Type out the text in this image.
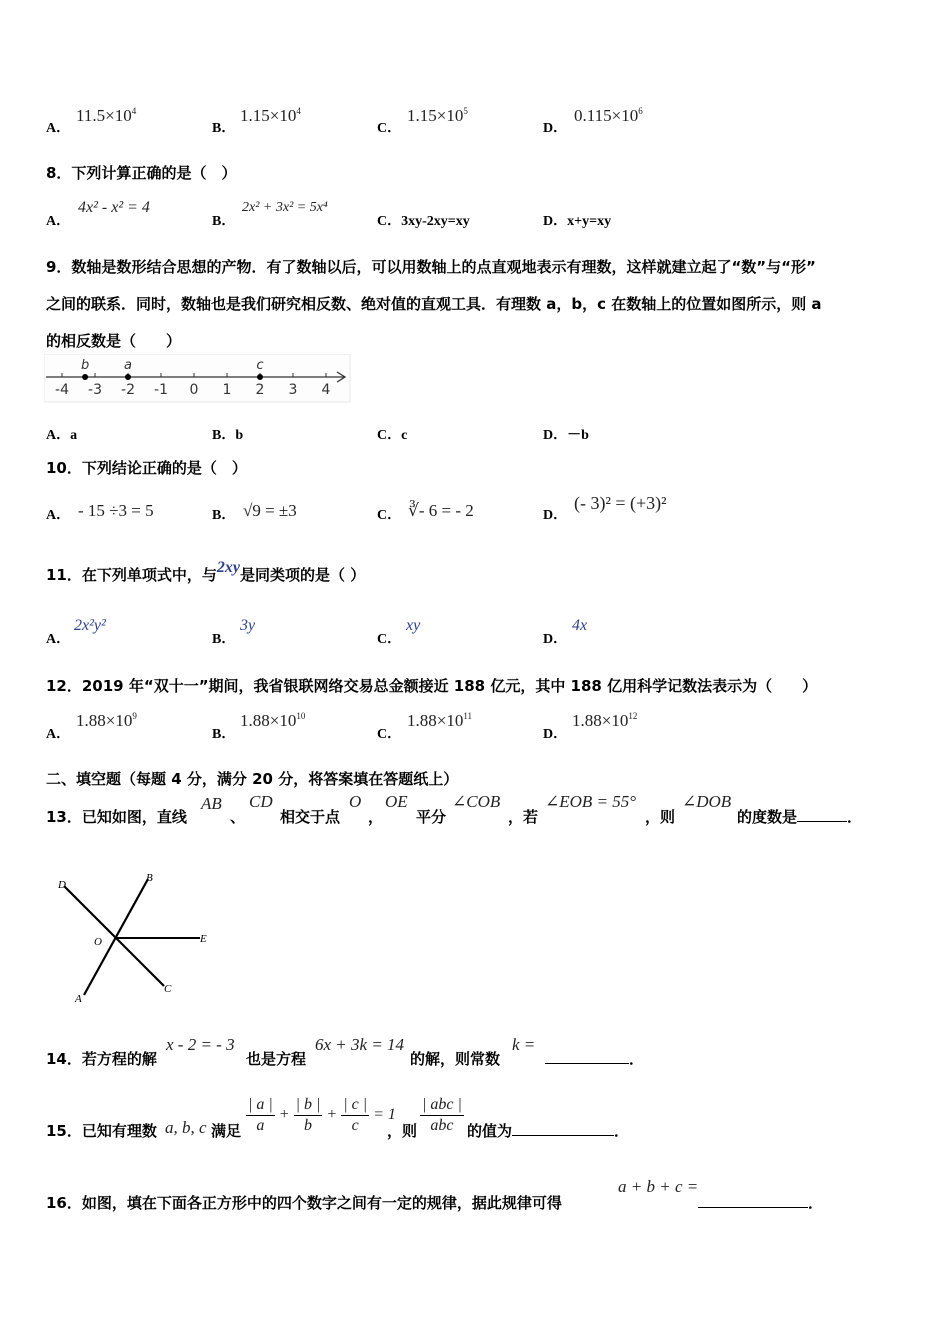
A．
$11.5\times 10^4$
B．
$1.15\times 10^4$
C．
$1.15\times 10^5$
D．
$0.115\times 10^6$
8．下列计算正确的是（　）
A．
4x² - x² = 4
B．
2x² + 3x² = 5x⁴
C．3xy-2xy=xy	D．x+y=xy
9．数轴是数形结合思想的产物．有了数轴以后，可以用数轴上的点直观地表示有理数，这样就建立起了“数”与“形”
之间的联系．同时，数轴也是我们研究相反数、绝对值的直观工具．有理数 a，b，c 在数轴上的位置如图所示，则 a
的相反数是（　　）
-4 -3 -2 -1 0 1 2 3 4
b	a	c
A．a	B．b	C．c	D．－b
10．下列结论正确的是（　）
A． - 15 ÷3 = 5	B． √9 = ±3	C． ∛- 6 = - 2	D．
(- 3)² = (+3)²
11．在下列单项式中，与2xy是同类项的是（ ）
A．
2x²y²
B．
3y
C．
xy
D．
4x
12．2019 年“双十一”期间，我省银联网络交易总金额接近 188 亿元，其中 188 亿用科学记数法表示为（　　）
A．
$1.88\times 10^9$
B．
$1.88\times 10^{10}$
C．
$1.88\times 10^{11}$
D．
$1.88\times 10^{12}$
二、填空题（每题 4 分，满分 20 分，将答案填在答题纸上）
13．已知如图，直线
AB
、
CD
相交于点
O
，
OE
平分
∠COB
，若
∠EOB = 55°
，则
∠DOB
的度数是	．
D
B
O	E
A
C
14．若方程的解
x - 2 = - 3
也是方程
6x + 3k = 14
的解，则常数
k =
．
15．已知有理数 a, b, c 满足 $\frac{| a |}{a} + \frac{| b |}{b} + \frac{| c |}{c} = 1$
，则 $\frac{\text{| abc |}}{\text{abc}}$ 的值为	．
16．如图，填在下面各正方形中的四个数字之间有一定的规律，据此规律可得
a + b + c =
．
